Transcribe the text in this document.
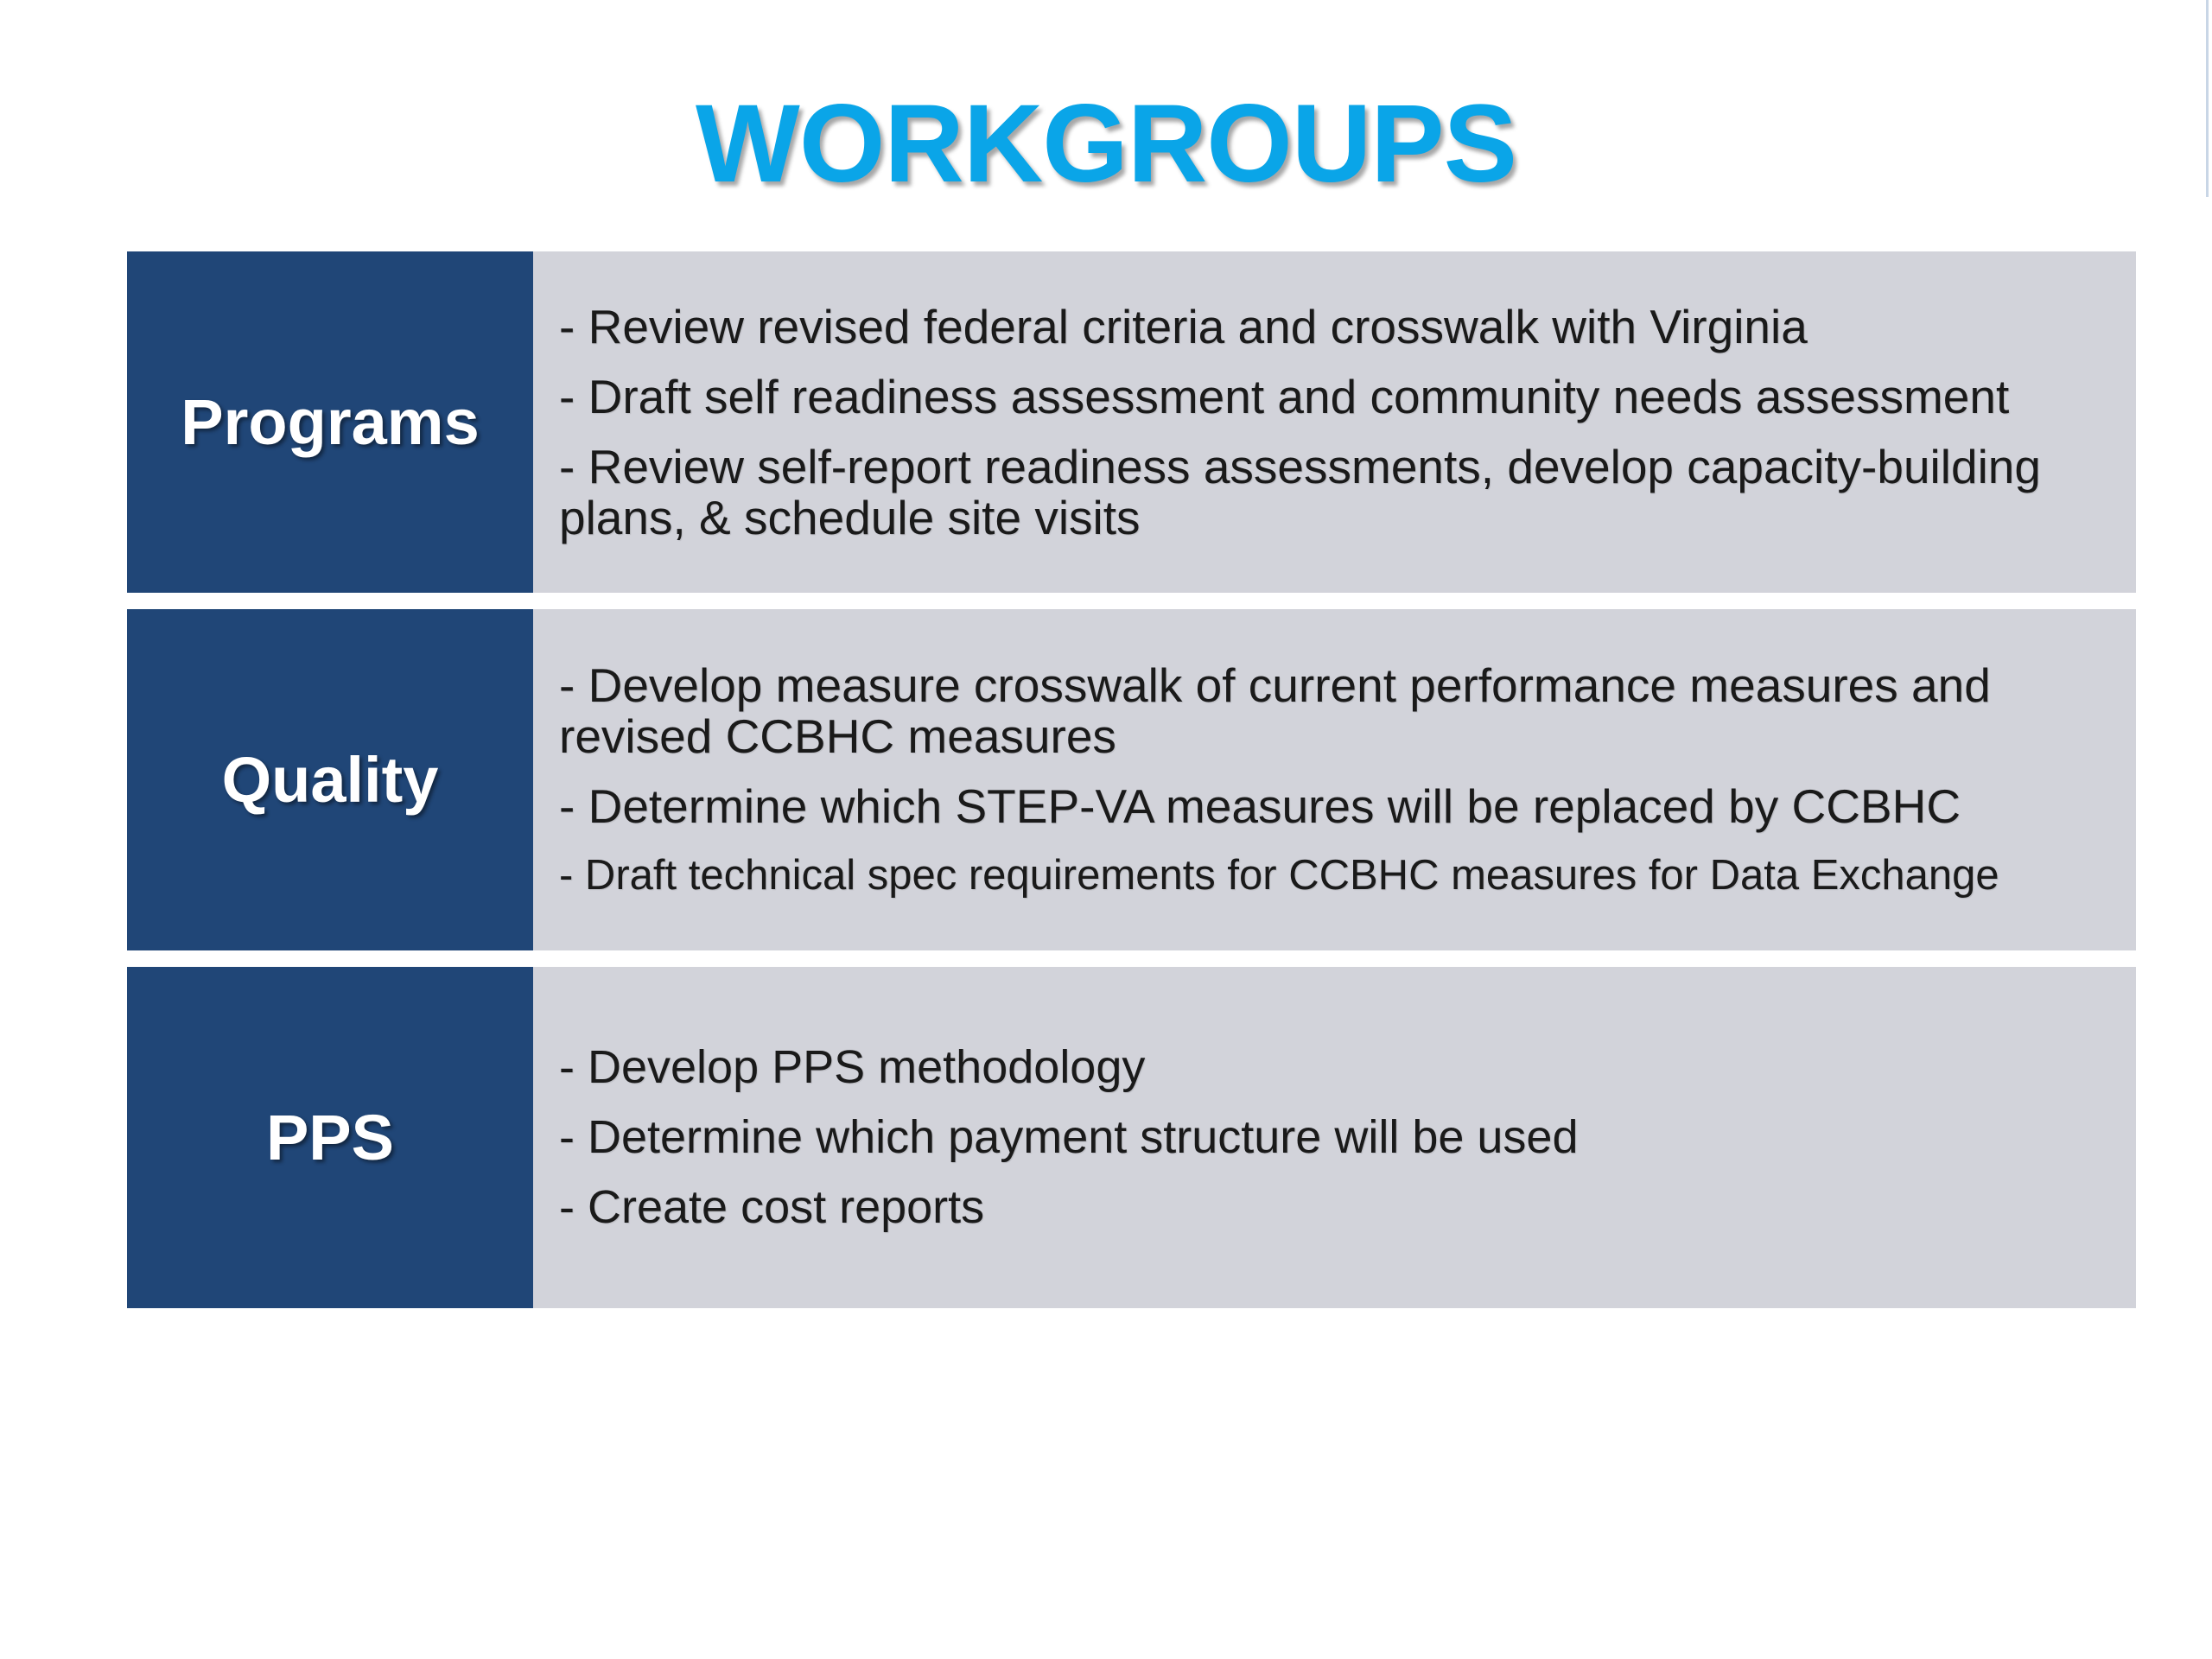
WORKGROUPS
Programs
- Review revised federal criteria and crosswalk with Virginia
- Draft self readiness assessment and community needs assessment
- Review self-report readiness assessments, develop capacity-building plans, & schedule site visits
Quality
- Develop measure crosswalk of current performance measures and revised CCBHC measures
- Determine which STEP-VA measures will be replaced by CCBHC
- Draft technical spec requirements for CCBHC measures for Data Exchange
PPS
- Develop PPS methodology
- Determine which payment structure will be used
- Create cost reports
